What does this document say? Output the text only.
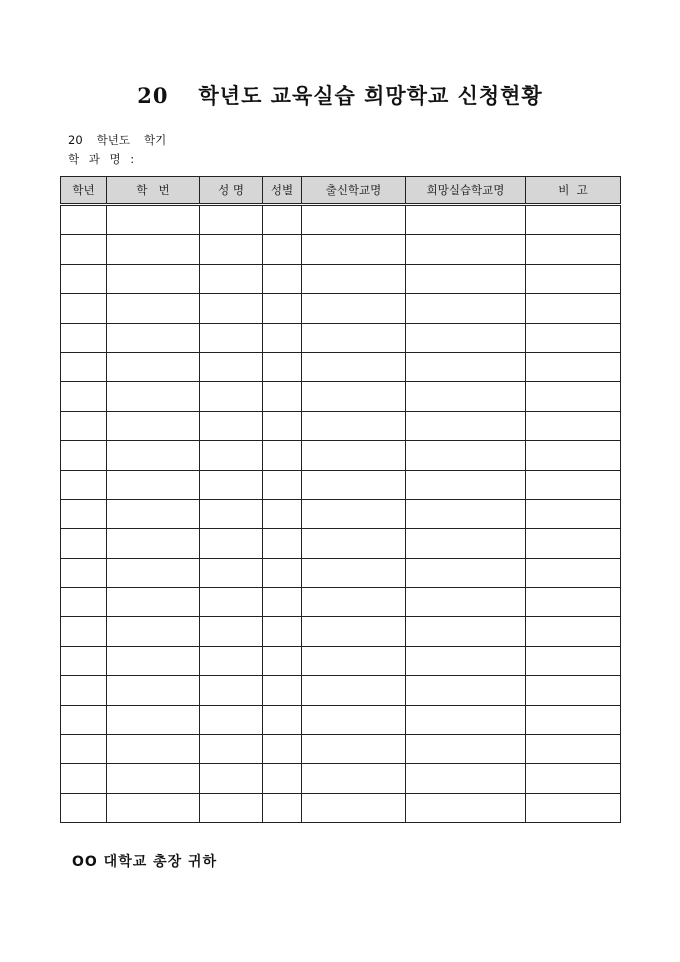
20 학년도 교육실습 희망학교 신청현황
20 학년도 학기
학 과 명 :
학년	학   번	성 명	성별	출신학교명	희망실습학교명	비  고

OO 대학교 총장 귀하
